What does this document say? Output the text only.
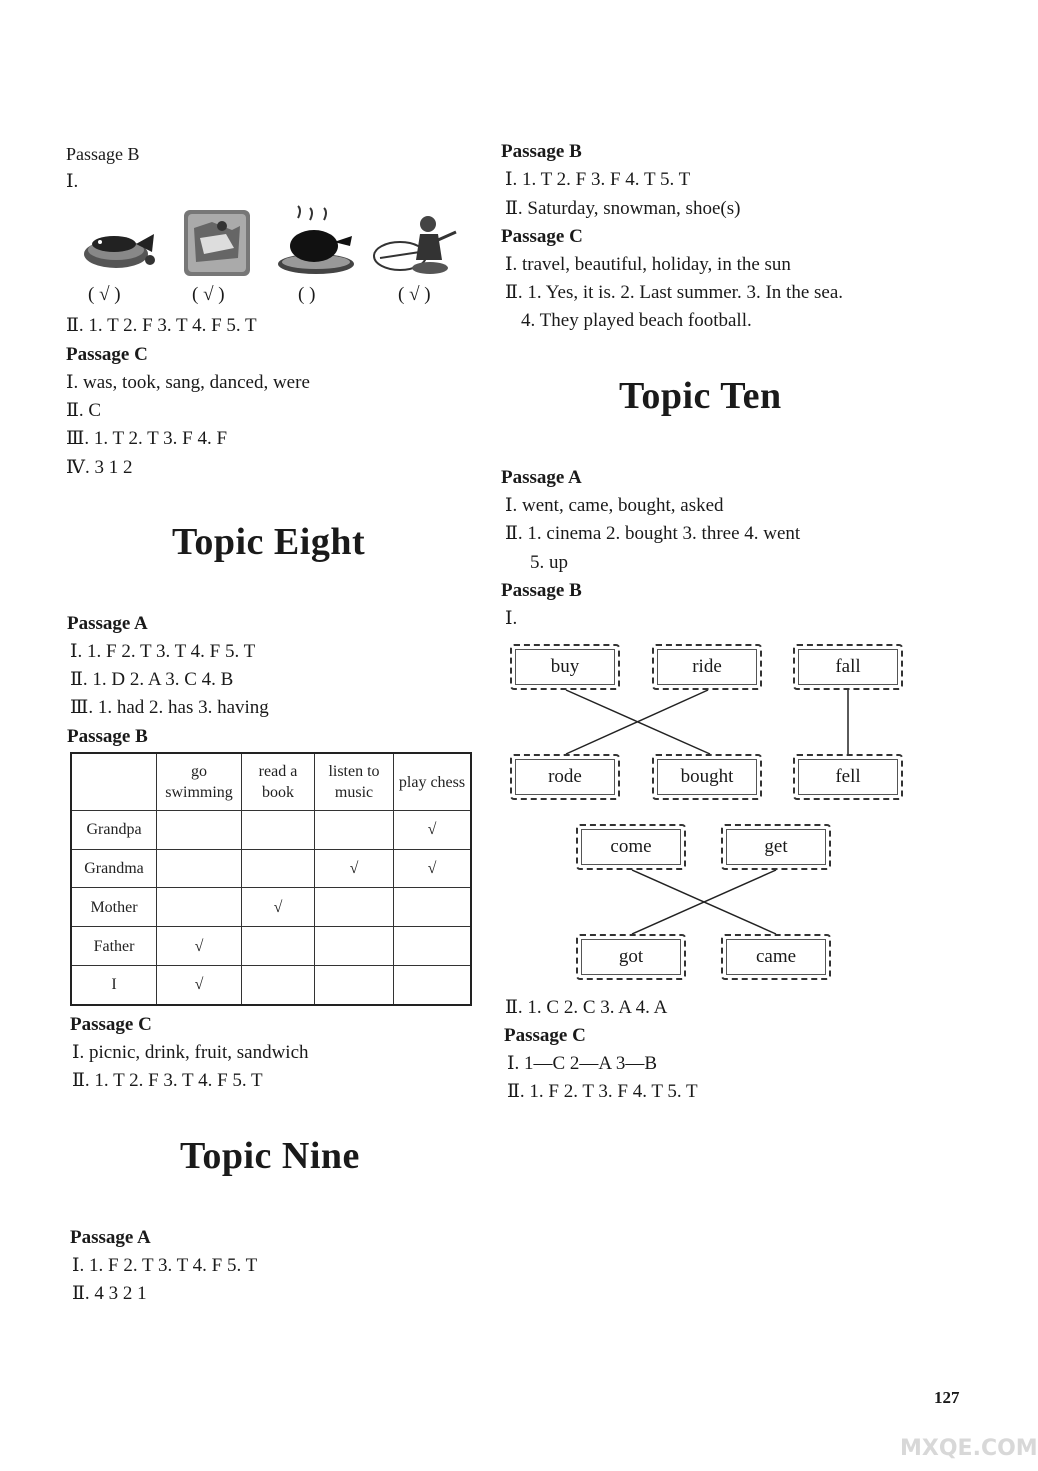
Passage B
Ⅰ.
( √ )	( √ )	( )	( √ )
Ⅱ. 1. T 2. F 3. T 4. F 5. T
Passage C
Ⅰ. was, took, sang, danced, were
Ⅱ. C
Ⅲ. 1. T 2. T 3. F 4. F
Ⅳ. 3 1 2
Topic Eight
Passage A
Ⅰ. 1. F 2. T 3. T 4. F 5. T
Ⅱ. 1. D 2. A 3. C 4. B
Ⅲ. 1. had 2. has 3. having
Passage B
	go swimming	read a book	listen to music	play chess
Grandpa				√
Grandma			√	√
Mother		√		
Father	√			
I	√			
Passage C
Ⅰ. picnic, drink, fruit, sandwich
Ⅱ. 1. T 2. F 3. T 4. F 5. T
Topic Nine
Passage A
Ⅰ. 1. F 2. T 3. T 4. F 5. T
Ⅱ. 4 3 2 1
Passage B
Ⅰ. 1. T 2. F 3. F 4. T 5. T
Ⅱ. Saturday, snowman, shoe(s)
Passage C
Ⅰ. travel, beautiful, holiday, in the sun
Ⅱ. 1. Yes, it is. 2. Last summer. 3. In the sea.
4. They played beach football.
Topic Ten
Passage A
Ⅰ. went, came, bought, asked
Ⅱ. 1. cinema 2. bought 3. three 4. went
5. up
Passage B
Ⅰ.
buy	ride	fall
rode	bought	fell
come	get
got	came
Ⅱ. 1. C 2. C 3. A 4. A
Passage C
Ⅰ. 1—C 2—A 3—B
Ⅱ. 1. F 2. T 3. F 4. T 5. T
127
MXQE.COM
